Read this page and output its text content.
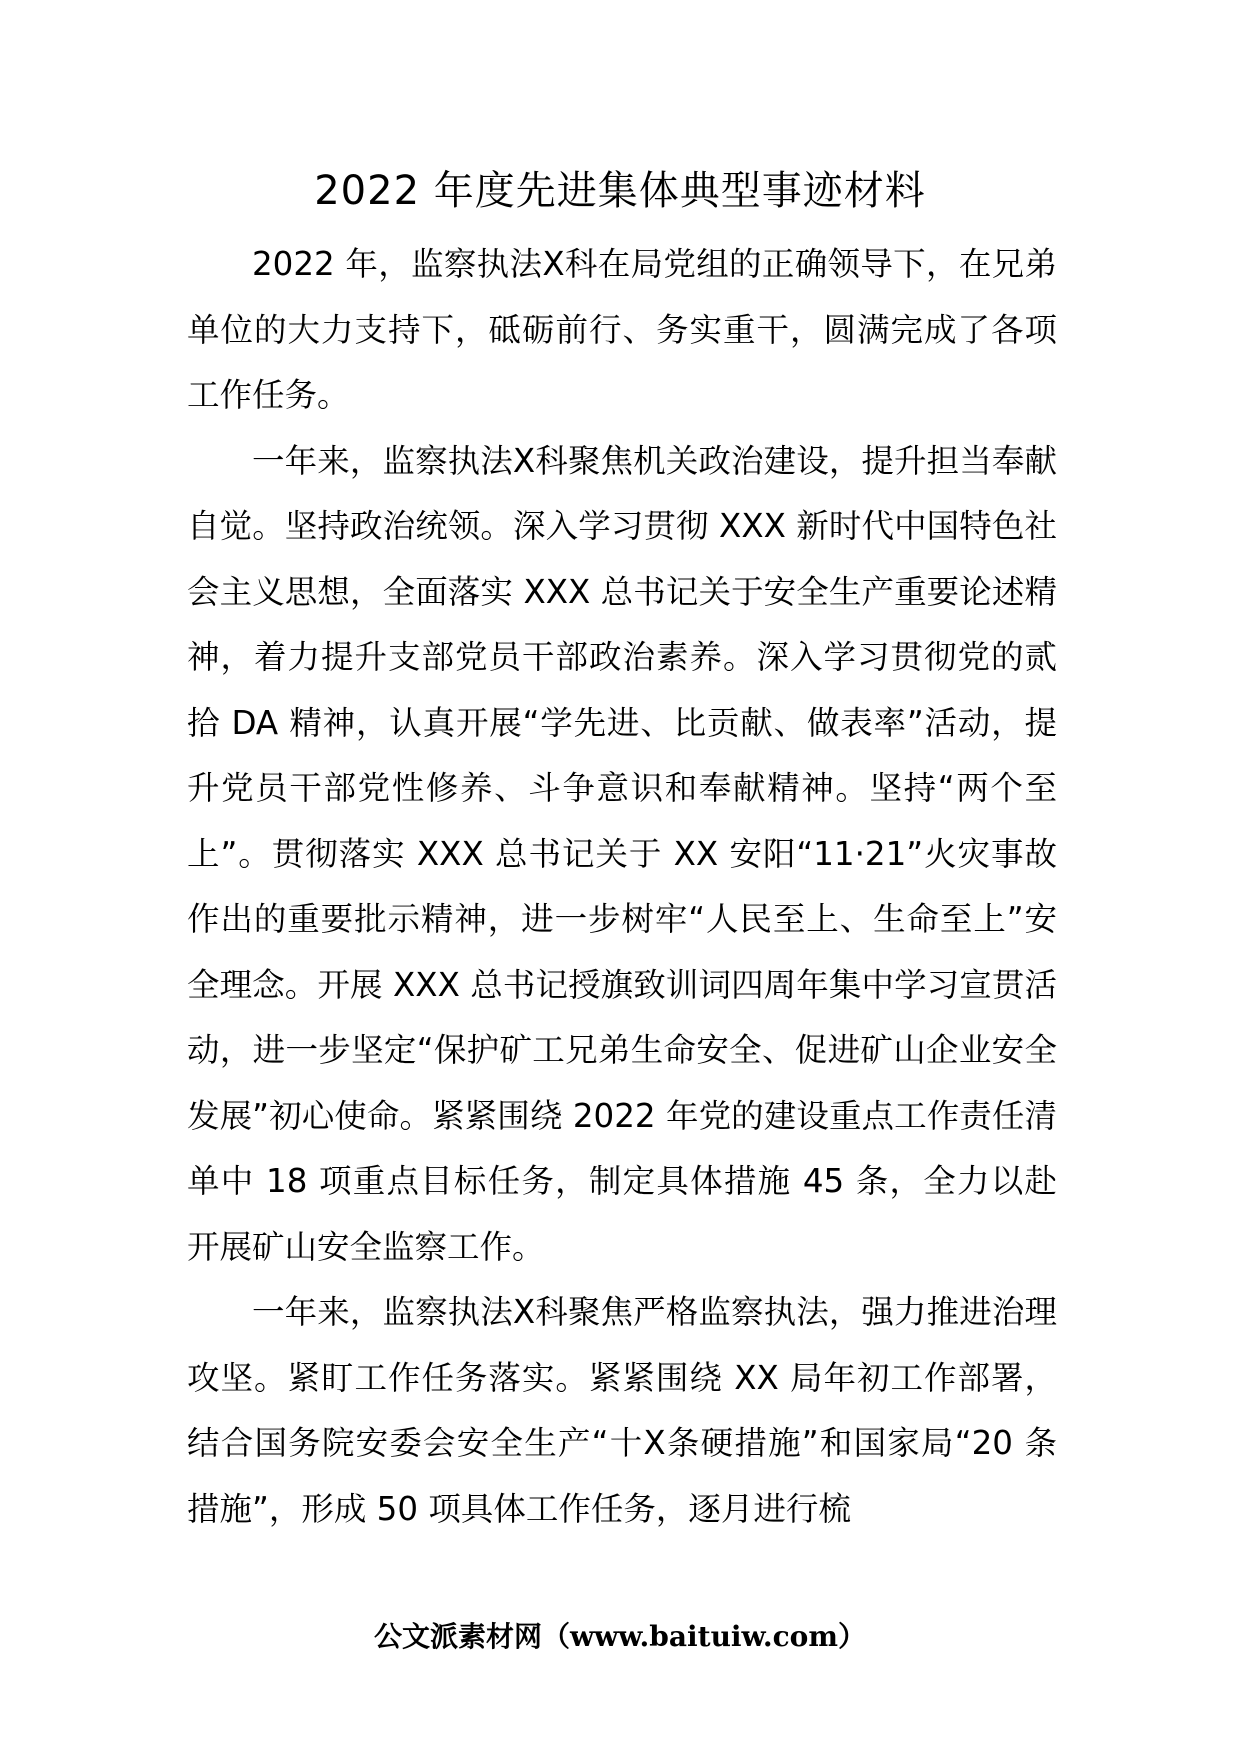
2022 年度先进集体典型事迹材料

2022 年，监察执法Ⅹ科在局党组的正确领导下，在兄弟单位的大力支持下，砥砺前行、务实重干，圆满完成了各项工作任务。

一年来，监察执法Ⅹ科聚焦机关政治建设，提升担当奉献自觉。坚持政治统领。深入学习贯彻 XXX 新时代中国特色社会主义思想，全面落实 XXX 总书记关于安全生产重要论述精神，着力提升支部党员干部政治素养。深入学习贯彻党的贰拾 DA 精神，认真开展“学先进、比贡献、做表率”活动，提升党员干部党性修养、斗争意识和奉献精神。坚持“两个至上”。贯彻落实 XXX 总书记关于 XX 安阳“11·21”火灾事故作出的重要批示精神，进一步树牢“人民至上、生命至上”安全理念。开展 XXX 总书记授旗致训词四周年集中学习宣贯活动，进一步坚定“保护矿工兄弟生命安全、促进矿山企业安全发展”初心使命。紧紧围绕 2022 年党的建设重点工作责任清单中 18 项重点目标任务，制定具体措施 45 条，全力以赴开展矿山安全监察工作。

一年来，监察执法Ⅹ科聚焦严格监察执法，强力推进治理攻坚。紧盯工作任务落实。紧紧围绕 XX 局年初工作部署，结合国务院安委会安全生产“十Ⅹ条硬措施”和国家局“20 条措施”，形成 50 项具体工作任务，逐月进行梳

公文派素材网（www.baituiw.com）
